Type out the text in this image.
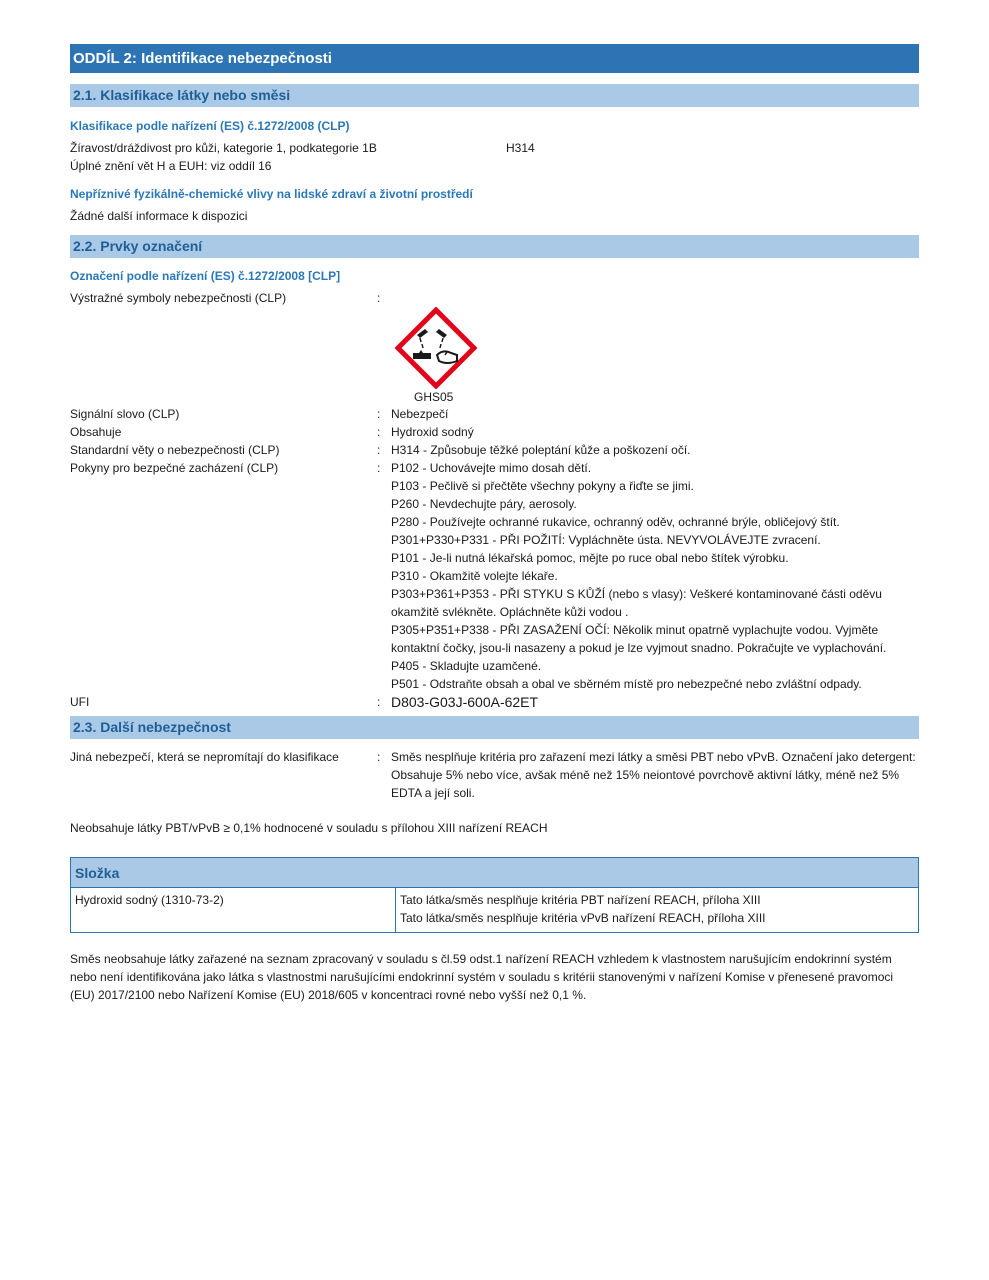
ODDÍL 2: Identifikace nebezpečnosti
2.1. Klasifikace látky nebo směsi
Klasifikace podle nařízení (ES) č.1272/2008 (CLP)
Žíravost/dráždivost pro kůži, kategorie 1, podkategorie 1B	H314
Úplné znění vět H a EUH: viz oddíl 16
Nepříznivé fyzikálně-chemické vlivy na lidské zdraví a životní prostředí
Žádné další informace k dispozici
2.2. Prvky označení
Označení podle nařízení (ES) č.1272/2008 [CLP]
Výstražné symboly nebezpečnosti (CLP)	:
GHS05
Signální slovo (CLP)	: Nebezpečí
Obsahuje	: Hydroxid sodný
Standardní věty o nebezpečnosti (CLP)	: H314 - Způsobuje těžké poleptání kůže a poškození očí.
Pokyny pro bezpečné zacházení (CLP)	: P102 - Uchovávejte mimo dosah dětí.
P103 - Pečlivě si přečtěte všechny pokyny a řiďte se jimi.
P260 - Nevdechujte páry, aerosoly.
P280 - Používejte ochranné rukavice, ochranný oděv, ochranné brýle, obličejový štít.
P301+P330+P331 - PŘI POŽITÍ: Vypláchněte ústa. NEVYVOLÁVEJTE zvracení.
P101 - Je-li nutná lékařská pomoc, mějte po ruce obal nebo štítek výrobku.
P310 - Okamžitě volejte lékaře.
P303+P361+P353 - PŘI STYKU S KŮŽÍ (nebo s vlasy): Veškeré kontaminované části oděvu okamžitě svlékněte. Opláchněte kůži vodou .
P305+P351+P338 - PŘI ZASAŽENÍ OČÍ: Několik minut opatrně vyplachujte vodou. Vyjměte kontaktní čočky, jsou-li nasazeny a pokud je lze vyjmout snadno. Pokračujte ve vyplachování.
P405 - Skladujte uzamčené.
P501 - Odstraňte obsah a obal ve sběrném místě pro nebezpečné nebo zvláštní odpady.
UFI	: D803-G03J-600A-62ET
2.3. Další nebezpečnost
Jiná nebezpečí, která se nepromítají do klasifikace	: Směs nesplňuje kritéria pro zařazení mezi látky a směsi PBT nebo vPvB. Označení jako detergent: Obsahuje 5% nebo více, avšak méně než 15% neiontové povrchově aktivní látky, méně než 5% EDTA a její soli.
Neobsahuje látky PBT/vPvB ≥ 0,1% hodnocené v souladu s přílohou XIII nařízení REACH
Složka
Hydroxid sodný (1310-73-2)	Tato látka/směs nesplňuje kritéria PBT nařízení REACH, příloha XIII
Tato látka/směs nesplňuje kritéria vPvB nařízení REACH, příloha XIII
Směs neobsahuje látky zařazené na seznam zpracovaný v souladu s čl.59 odst.1 nařízení REACH vzhledem k vlastnostem narušujícím endokrinní systém nebo není identifikována jako látka s vlastnostmi narušujícími endokrinní systém v souladu s kritérii stanovenými v nařízení Komise v přenesené pravomoci (EU) 2017/2100 nebo Nařízení Komise (EU) 2018/605 v koncentraci rovné nebo vyšší než 0,1 %.
